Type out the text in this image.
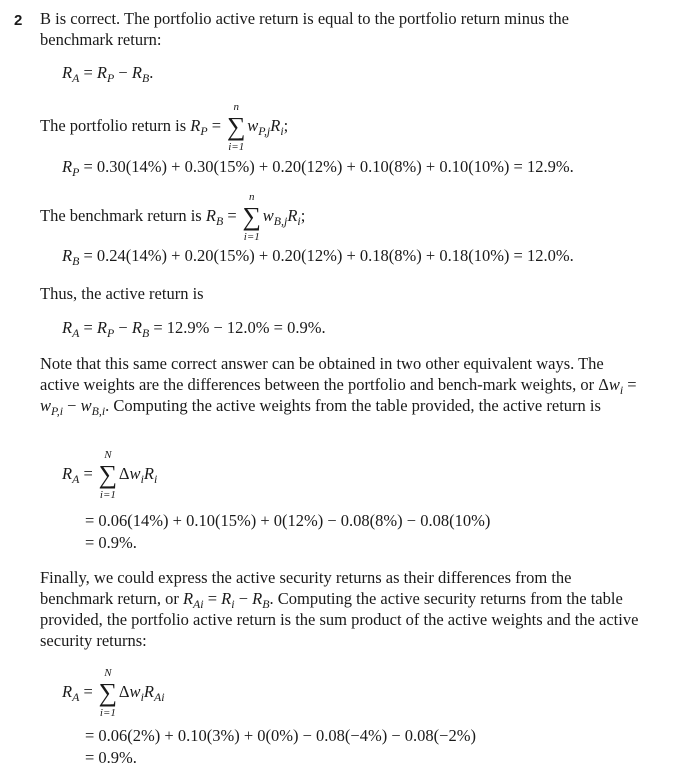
2 B is correct. The portfolio active return is equal to the portfolio return minus the benchmark return:
$R_A = R_P - R_B$.
The portfolio return is $R_P$ =
n
∑
i=1
$w_{P,j}R_i$;
$R_P = 0.30(14\%) + 0.30(15\%) + 0.20(12\%) + 0.10(8\%) + 0.10(10\%) = 12.9\%$.
The benchmark return is $R_B$ =
n
∑
i=1
$w_{B,j}R_i$;
$R_B = 0.24(14\%) + 0.20(15\%) + 0.20(12\%) + 0.18(8\%) + 0.18(10\%) = 12.0\%$.
Thus, the active return is
$R_A = R_P - R_B = 12.9\% - 12.0\% = 0.9\%$.
Note that this same correct answer can be obtained in two other equivalent ways. The active weights are the differences between the portfolio and bench-mark weights, or $\Delta w_i = w_{P,i} - w_{B,i}$. Computing the active weights from the table provided, the active return is
$R_A$ =
N
∑
i=1
$\Delta w_iR_i$
= 0.06(14%) + 0.10(15%) + 0(12%) − 0.08(8%) − 0.08(10%)
= 0.9%.
Finally, we could express the active security returns as their differences from the benchmark return, or $R_{Ai} = R_i - R_B$. Computing the active security returns from the table provided, the portfolio active return is the sum product of the active weights and the active security returns:
$R_A$ =
N
∑
i=1
$\Delta w_iR_{Ai}$
= 0.06(2%) + 0.10(3%) + 0(0%) − 0.08(−4%) − 0.08(−2%)
= 0.9%.
